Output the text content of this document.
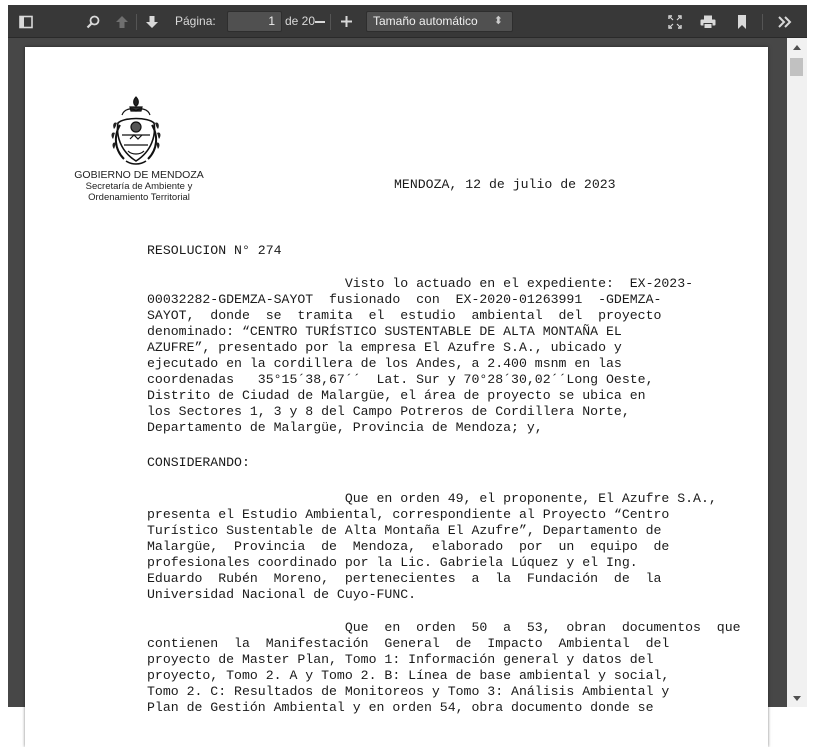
Página:	1 de 20	Tamaño automático ⬍
GOBIERNO DE MENDOZA
Secretaría de Ambiente y
Ordenamiento Territorial
MENDOZA, 12 de julio de 2023
RESOLUCION N° 274
Visto lo actuado en el expediente:  EX-2023-
00032282-GDEMZA-SAYOT  fusionado  con  EX-2020-01263991  -GDEMZA-
SAYOT,  donde  se  tramita  el  estudio  ambiental  del  proyecto
denominado: “CENTRO TURÍSTICO SUSTENTABLE DE ALTA MONTAÑA EL
AZUFRE”, presentado por la empresa El Azufre S.A., ubicado y
ejecutado en la cordillera de los Andes, a 2.400 msnm en las
coordenadas   35°15´38,67´´  Lat. Sur y 70°28´30,02´´Long Oeste,
Distrito de Ciudad de Malargüe, el área de proyecto se ubica en
los Sectores 1, 3 y 8 del Campo Potreros de Cordillera Norte,
Departamento de Malargüe, Provincia de Mendoza; y,
CONSIDERANDO:
Que en orden 49, el proponente, El Azufre S.A.,
presenta el Estudio Ambiental, correspondiente al Proyecto “Centro
Turístico Sustentable de Alta Montaña El Azufre”, Departamento de
Malargüe,  Provincia  de  Mendoza,  elaborado  por  un  equipo  de
profesionales coordinado por la Lic. Gabriela Lúquez y el Ing.
Eduardo  Rubén  Moreno,  pertenecientes  a  la  Fundación  de  la
Universidad Nacional de Cuyo-FUNC.
Que  en  orden  50  a  53,  obran  documentos  que
contienen  la  Manifestación  General  de  Impacto  Ambiental  del
proyecto de Master Plan, Tomo 1: Información general y datos del
proyecto, Tomo 2. A y Tomo 2. B: Línea de base ambiental y social,
Tomo 2. C: Resultados de Monitoreos y Tomo 3: Análisis Ambiental y
Plan de Gestión Ambiental y en orden 54, obra documento donde se
